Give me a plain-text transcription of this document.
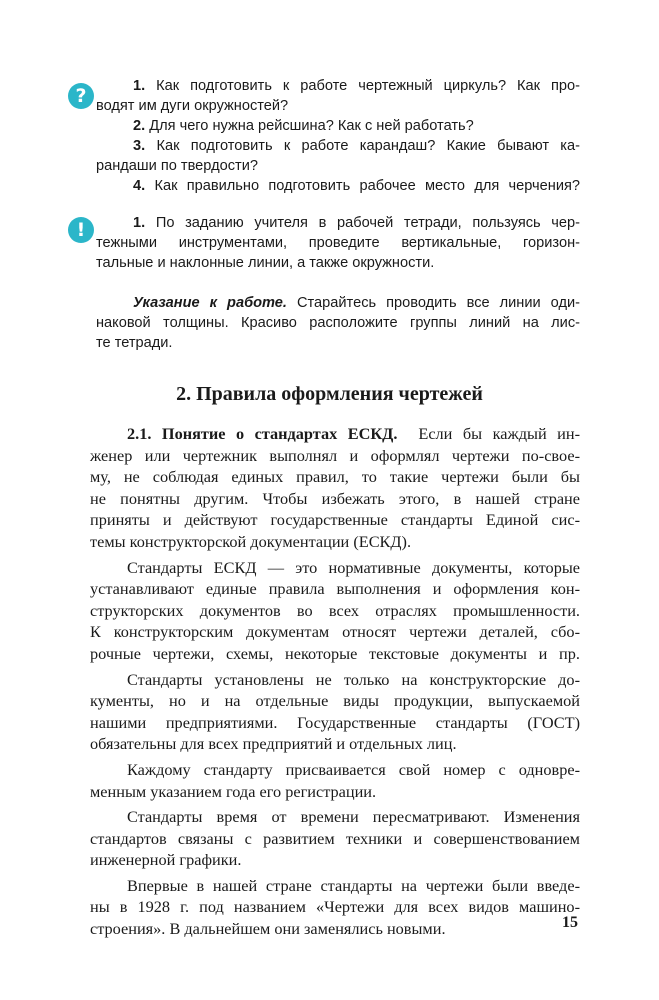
?	1. Как подготовить к работе чертежный циркуль? Как про-

водят им дуги окружностей?

2. Для чего нужна рейсшина? Как с ней работать?

3. Как подготовить к работе карандаш? Какие бывают ка-

рандаши по твердости?

4. Как правильно подготовить рабочее место для черчения?

!	1. По заданию учителя в рабочей тетради, пользуясь чер-

тежными инструментами, проведите вертикальные, горизон-

тальные и наклонные линии, а также окружности.

Указание к работе. Старайтесь проводить все линии оди-

наковой толщины. Красиво расположите группы линий на лис-

те тетради.

2. Правила оформления чертежей

2.1. Понятие о стандартах ЕСКД. Если бы каждый ин-

женер или чертежник выполнял и оформлял чертежи по-свое-

му, не соблюдая единых правил, то такие чертежи были бы

не понятны другим. Чтобы избежать этого, в нашей стране

приняты и действуют государственные стандарты Единой сис-

темы конструкторской документации (ЕСКД).

Стандарты ЕСКД — это нормативные документы, которые

устанавливают единые правила выполнения и оформления кон-

структорских документов во всех отраслях промышленности.

К конструкторским документам относят чертежи деталей, сбо-

рочные чертежи, схемы, некоторые текстовые документы и пр.

Стандарты установлены не только на конструкторские до-

кументы, но и на отдельные виды продукции, выпускаемой

нашими предприятиями. Государственные стандарты (ГОСТ)

обязательны для всех предприятий и отдельных лиц.

Каждому стандарту присваивается свой номер с одновре-

менным указанием года его регистрации.

Стандарты время от времени пересматривают. Изменения

стандартов связаны с развитием техники и совершенствованием

инженерной графики.

Впервые в нашей стране стандарты на чертежи были введе-

ны в 1928 г. под названием «Чертежи для всех видов машино-

строения». В дальнейшем они заменялись новыми.	15
